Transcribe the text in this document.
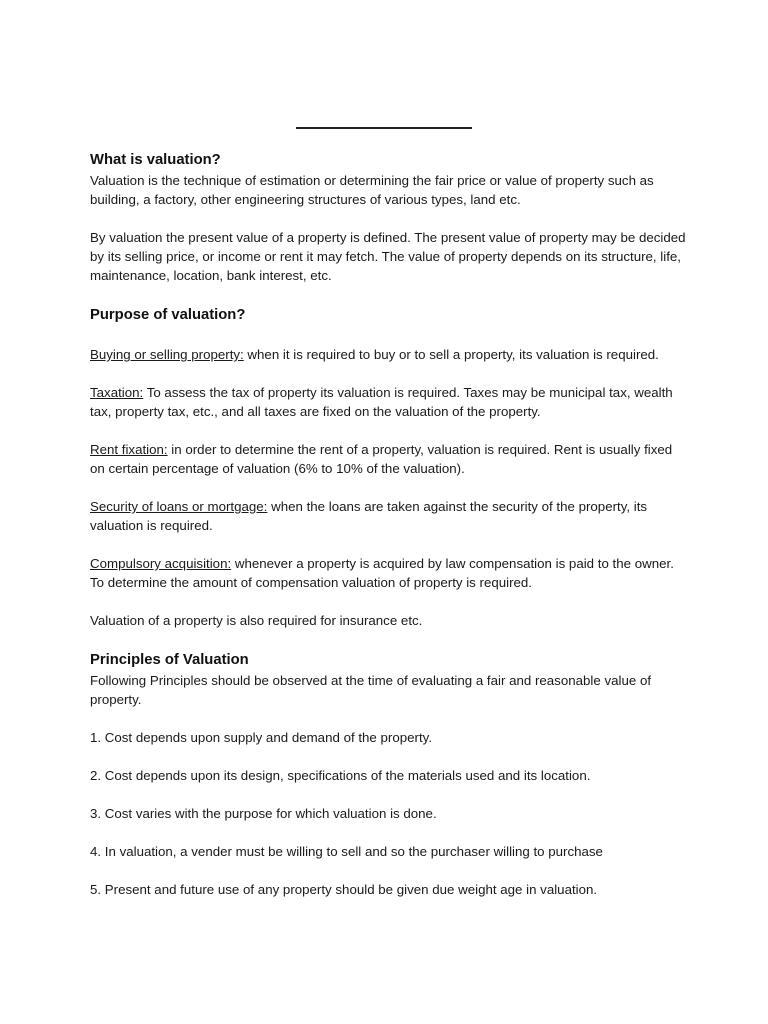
What is valuation?

Valuation is the technique of estimation or determining the fair price or value of property such as building, a factory, other engineering structures of various types, land etc.

By valuation the present value of a property is defined. The present value of property may be decided by its selling price, or income or rent it may fetch. The value of property depends on its structure, life, maintenance, location, bank interest, etc.

Purpose of valuation?

Buying or selling property: when it is required to buy or to sell a property, its valuation is required.

Taxation: To assess the tax of property its valuation is required. Taxes may be municipal tax, wealth tax, property tax, etc., and all taxes are fixed on the valuation of the property.

Rent fixation: in order to determine the rent of a property, valuation is required. Rent is usually fixed on certain percentage of valuation (6% to 10% of the valuation).

Security of loans or mortgage: when the loans are taken against the security of the property, its valuation is required.

Compulsory acquisition: whenever a property is acquired by law compensation is paid to the owner. To determine the amount of compensation valuation of property is required.

Valuation of a property is also required for insurance etc.

Principles of Valuation

Following Principles should be observed at the time of evaluating a fair and reasonable value of property.

1. Cost depends upon supply and demand of the property.

2. Cost depends upon its design, specifications of the materials used and its location.

3. Cost varies with the purpose for which valuation is done.

4. In valuation, a vender must be willing to sell and so the purchaser willing to purchase

5. Present and future use of any property should be given due weight age in valuation.
